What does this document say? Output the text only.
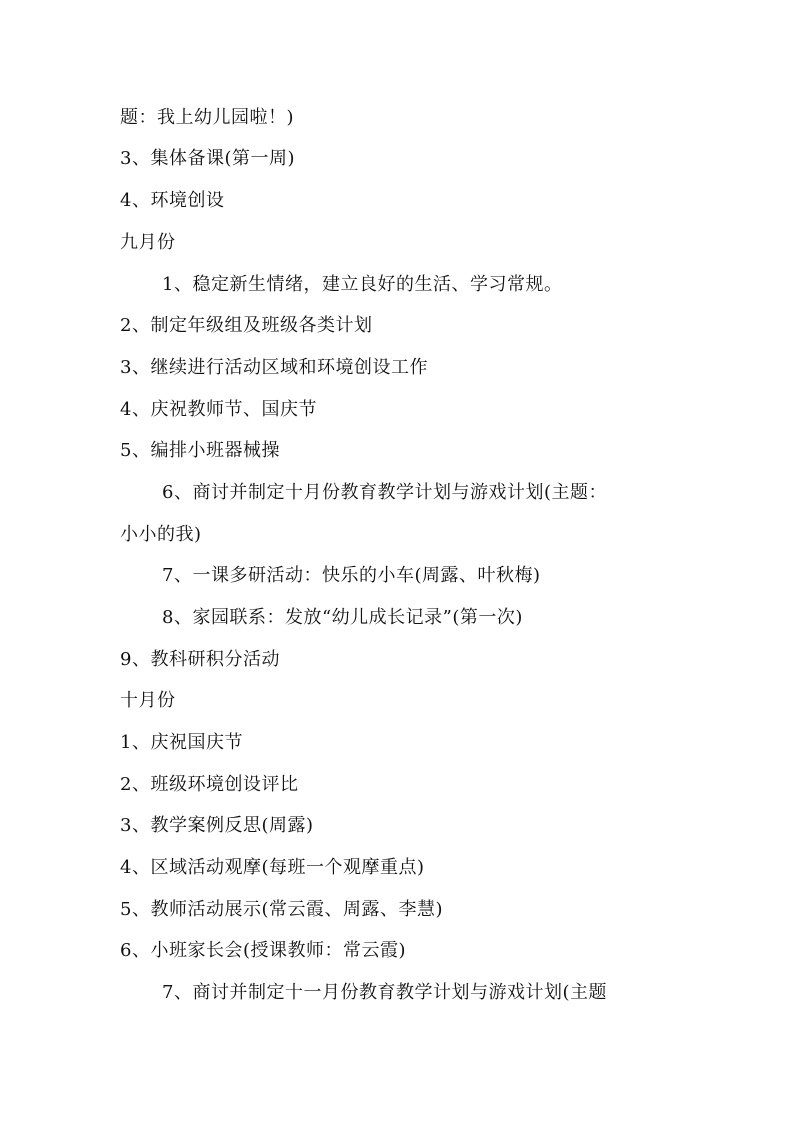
题：我上幼儿园啦！)
3、集体备课(第一周)
4、环境创设
九月份
1、稳定新生情绪，建立良好的生活、学习常规。
2、制定年级组及班级各类计划
3、继续进行活动区域和环境创设工作
4、庆祝教师节、国庆节
5、编排小班器械操
6、商讨并制定十月份教育教学计划与游戏计划(主题：
小小的我)
7、一课多研活动：快乐的小车(周露、叶秋梅)
8、家园联系：发放“幼儿成长记录”(第一次)
9、教科研积分活动
十月份
1、庆祝国庆节
2、班级环境创设评比
3、教学案例反思(周露)
4、区域活动观摩(每班一个观摩重点)
5、教师活动展示(常云霞、周露、李慧)
6、小班家长会(授课教师：常云霞)
7、商讨并制定十一月份教育教学计划与游戏计划(主题
